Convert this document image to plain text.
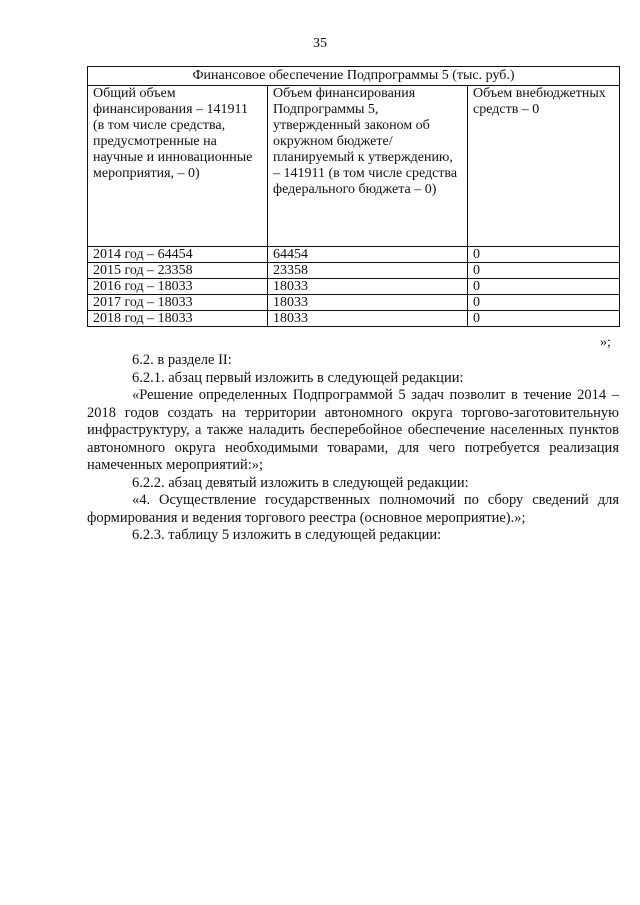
35
Финансовое обеспечение Подпрограммы 5 (тыс. руб.)		
Общий объем финансирования – 141911 (в том числе средства, предусмотренные на научные и инновационные мероприятия, – 0)	Объем финансирования Подпрограммы 5, утвержденный законом об окружном бюджете/ планируемый к утверждению, – 141911 (в том числе средства федерального бюджета – 0)	Объем внебюджетных средств – 0
2014 год – 64454	64454	0
2015 год – 23358	23358	0
2016 год – 18033	18033	0
2017 год – 18033	18033	0
2018 год – 18033	18033	0
»;

6.2. в разделе II:

6.2.1. абзац первый изложить в следующей редакции:

«Решение определенных Подпрограммой 5 задач позволит в течение 2014 – 2018 годов создать на территории автономного округа торгово-заготовительную инфраструктуру, а также наладить бесперебойное обеспечение населенных пунктов автономного округа необходимыми товарами, для чего потребуется реализация намеченных мероприятий:»;

6.2.2. абзац девятый изложить в следующей редакции:

«4. Осуществление государственных полномочий по сбору сведений для формирования и ведения торгового реестра (основное мероприятие).»;

6.2.3. таблицу 5 изложить в следующей редакции:
